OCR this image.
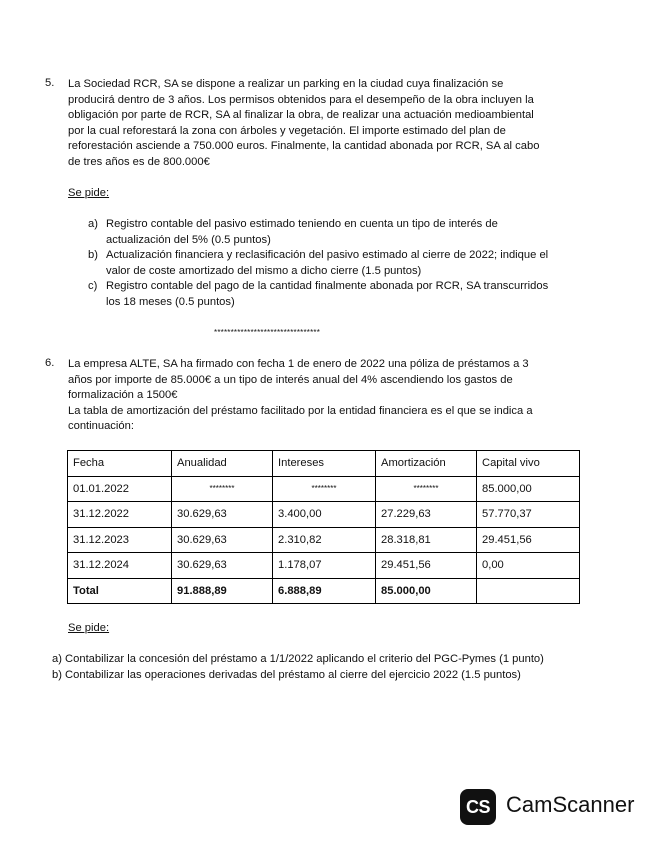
5. La Sociedad RCR, SA se dispone a realizar un parking en la ciudad cuya finalización se
producirá dentro de 3 años. Los permisos obtenidos para el desempeño de la obra incluyen la
obligación por parte de RCR, SA al finalizar la obra, de realizar una actuación medioambiental
por la cual reforestará la zona con árboles y vegetación. El importe estimado del plan de
reforestación asciende a 750.000 euros. Finalmente, la cantidad abonada por RCR, SA al cabo
de tres años es de 800.000€
Se pide:
a) Registro contable del pasivo estimado teniendo en cuenta un tipo de interés de
actualización del 5% (0.5 puntos)
b) Actualización financiera y reclasificación del pasivo estimado al cierre de 2022; indique el
valor de coste amortizado del mismo a dicho cierre (1.5 puntos)
c) Registro contable del pago de la cantidad finalmente abonada por RCR, SA transcurridos
los 18 meses (0.5 puntos)
********************************
6. La empresa ALTE, SA ha firmado con fecha 1 de enero de 2022 una póliza de préstamos a 3
años por importe de 85.000€ a un tipo de interés anual del 4% ascendiendo los gastos de
formalización a 1500€
La tabla de amortización del préstamo facilitado por la entidad financiera es el que se indica a
continuación:
Fecha	Anualidad	Intereses	Amortización	Capital vivo
01.01.2022	********	********	********	85.000,00
31.12.2022	30.629,63	3.400,00	27.229,63	57.770,37
31.12.2023	30.629,63	2.310,82	28.318,81	29.451,56
31.12.2024	30.629,63	1.178,07	29.451,56	0,00
Total	91.888,89	6.888,89	85.000,00	
Se pide:
a) Contabilizar la concesión del préstamo a 1/1/2022 aplicando el criterio del PGC-Pymes (1 punto)
b) Contabilizar las operaciones derivadas del préstamo al cierre del ejercicio 2022 (1.5 puntos)
CS CamScanner
